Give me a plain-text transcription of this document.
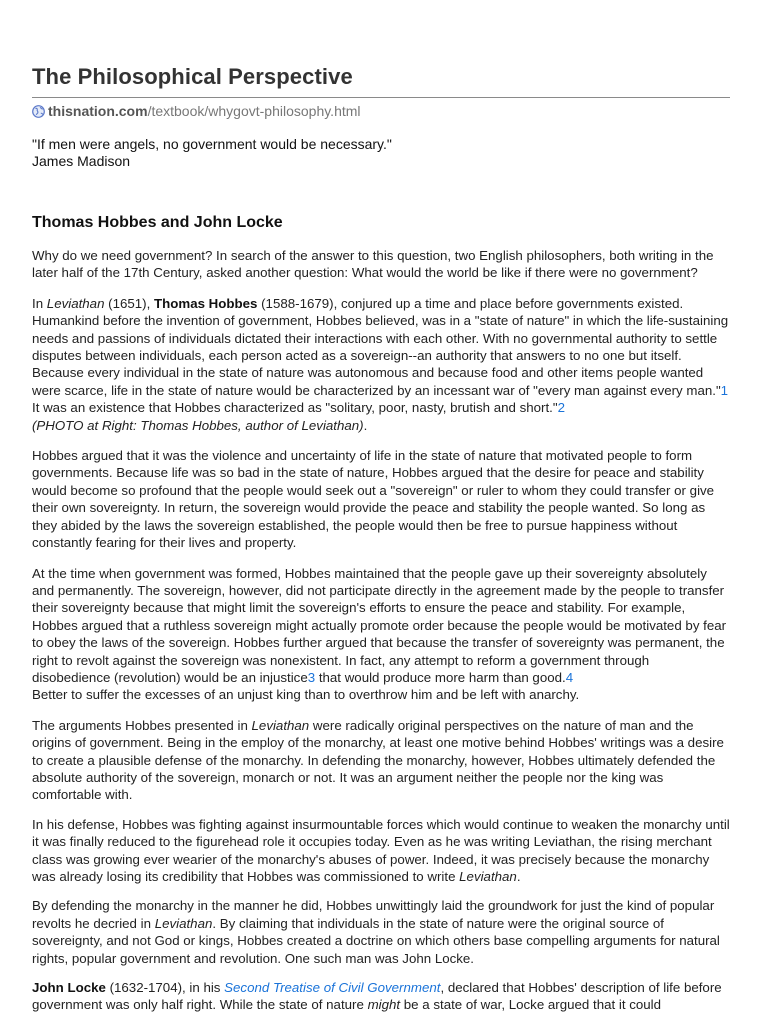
The Philosophical Perspective
thisnation.com /textbook/whygovt-philosophy.html
"If men were angels, no government would be necessary."
James Madison
Thomas Hobbes and John Locke

Why do we need government? In search of the answer to this question, two English philosophers, both writing in the later half of the 17th Century, asked another question: What would the world be like if there were no government?

In Leviathan (1651), Thomas Hobbes (1588-1679), conjured up a time and place before governments existed. Humankind before the invention of government, Hobbes believed, was in a "state of nature" in which the life-sustaining needs and passions of individuals dictated their interactions with each other. With no governmental authority to settle disputes between individuals, each person acted as a sovereign--an authority that answers to no one but itself. Because every individual in the state of nature was autonomous and because food and other items people wanted were scarce, life in the state of nature would be characterized by an incessant war of "every man against every man."1 It was an existence that Hobbes characterized as "solitary, poor, nasty, brutish and short."2
(PHOTO at Right: Thomas Hobbes, author of Leviathan).

Hobbes argued that it was the violence and uncertainty of life in the state of nature that motivated people to form governments. Because life was so bad in the state of nature, Hobbes argued that the desire for peace and stability would become so profound that the people would seek out a "sovereign" or ruler to whom they could transfer or give their own sovereignty. In return, the sovereign would provide the peace and stability the people wanted. So long as they abided by the laws the sovereign established, the people would then be free to pursue happiness without constantly fearing for their lives and property.

At the time when government was formed, Hobbes maintained that the people gave up their sovereignty absolutely and permanently. The sovereign, however, did not participate directly in the agreement made by the people to transfer their sovereignty because that might limit the sovereign's efforts to ensure the peace and stability. For example, Hobbes argued that a ruthless sovereign might actually promote order because the people would be motivated by fear to obey the laws of the sovereign. Hobbes further argued that because the transfer of sovereignty was permanent, the right to revolt against the sovereign was nonexistent. In fact, any attempt to reform a government through disobedience (revolution) would be an injustice3 that would produce more harm than good.4
Better to suffer the excesses of an unjust king than to overthrow him and be left with anarchy.

The arguments Hobbes presented in Leviathan were radically original perspectives on the nature of man and the origins of government. Being in the employ of the monarchy, at least one motive behind Hobbes' writings was a desire to create a plausible defense of the monarchy. In defending the monarchy, however, Hobbes ultimately defended the absolute authority of the sovereign, monarch or not. It was an argument neither the people nor the king was comfortable with.

In his defense, Hobbes was fighting against insurmountable forces which would continue to weaken the monarchy until it was finally reduced to the figurehead role it occupies today. Even as he was writing Leviathan, the rising merchant class was growing ever wearier of the monarchy's abuses of power. Indeed, it was precisely because the monarchy was already losing its credibility that Hobbes was commissioned to write Leviathan.

By defending the monarchy in the manner he did, Hobbes unwittingly laid the groundwork for just the kind of popular revolts he decried in Leviathan. By claiming that individuals in the state of nature were the original source of sovereignty, and not God or kings, Hobbes created a doctrine on which others base compelling arguments for natural rights, popular government and revolution. One such man was John Locke.

John Locke (1632-1704), in his Second Treatise of Civil Government, declared that Hobbes' description of life before government was only half right. While the state of nature might be a state of war, Locke argued that it could
